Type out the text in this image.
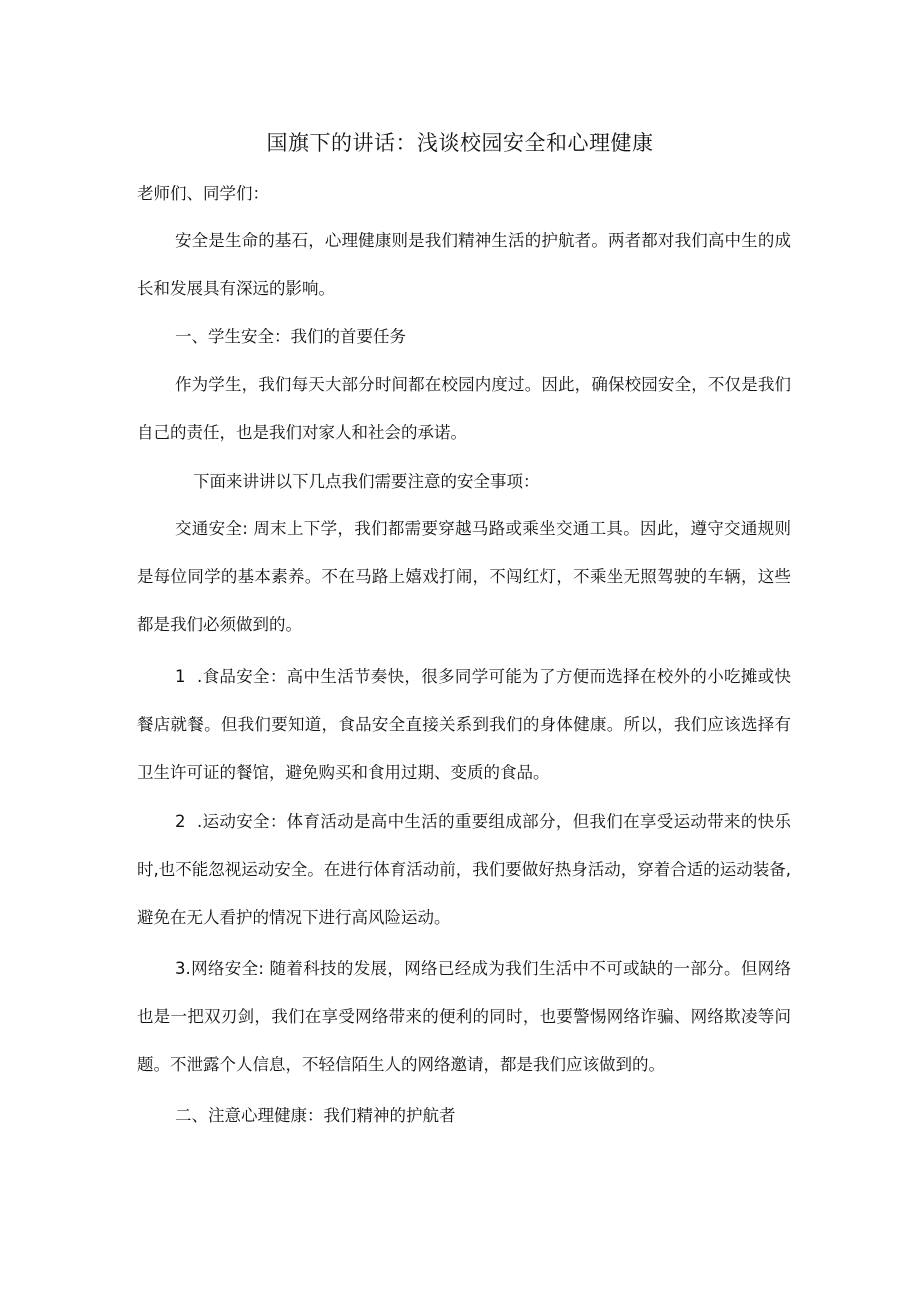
国旗下的讲话：浅谈校园安全和心理健康

老师们、同学们：

安全是生命的基石，心理健康则是我们精神生活的护航者。两者都对我们高中生的成长和发展具有深远的影响。

一、学生安全：我们的首要任务

作为学生，我们每天大部分时间都在校园内度过。因此，确保校园安全，不仅是我们自己的责任，也是我们对家人和社会的承诺。

下面来讲讲以下几点我们需要注意的安全事项：

交通安全: 周末上下学，我们都需要穿越马路或乘坐交通工具。因此，遵守交通规则是每位同学的基本素养。不在马路上嬉戏打闹，不闯红灯，不乘坐无照驾驶的车辆，这些都是我们必须做到的。

1 .食品安全：高中生活节奏快，很多同学可能为了方便而选择在校外的小吃摊或快餐店就餐。但我们要知道，食品安全直接关系到我们的身体健康。所以，我们应该选择有卫生许可证的餐馆，避免购买和食用过期、变质的食品。

2 .运动安全：体育活动是高中生活的重要组成部分，但我们在享受运动带来的快乐时,也不能忽视运动安全。在进行体育活动前，我们要做好热身活动，穿着合适的运动装备,避免在无人看护的情况下进行高风险运动。

3.网络安全: 随着科技的发展，网络已经成为我们生活中不可或缺的一部分。但网络也是一把双刃剑，我们在享受网络带来的便利的同时，也要警惕网络诈骗、网络欺凌等问题。不泄露个人信息，不轻信陌生人的网络邀请，都是我们应该做到的。

二、注意心理健康：我们精神的护航者
